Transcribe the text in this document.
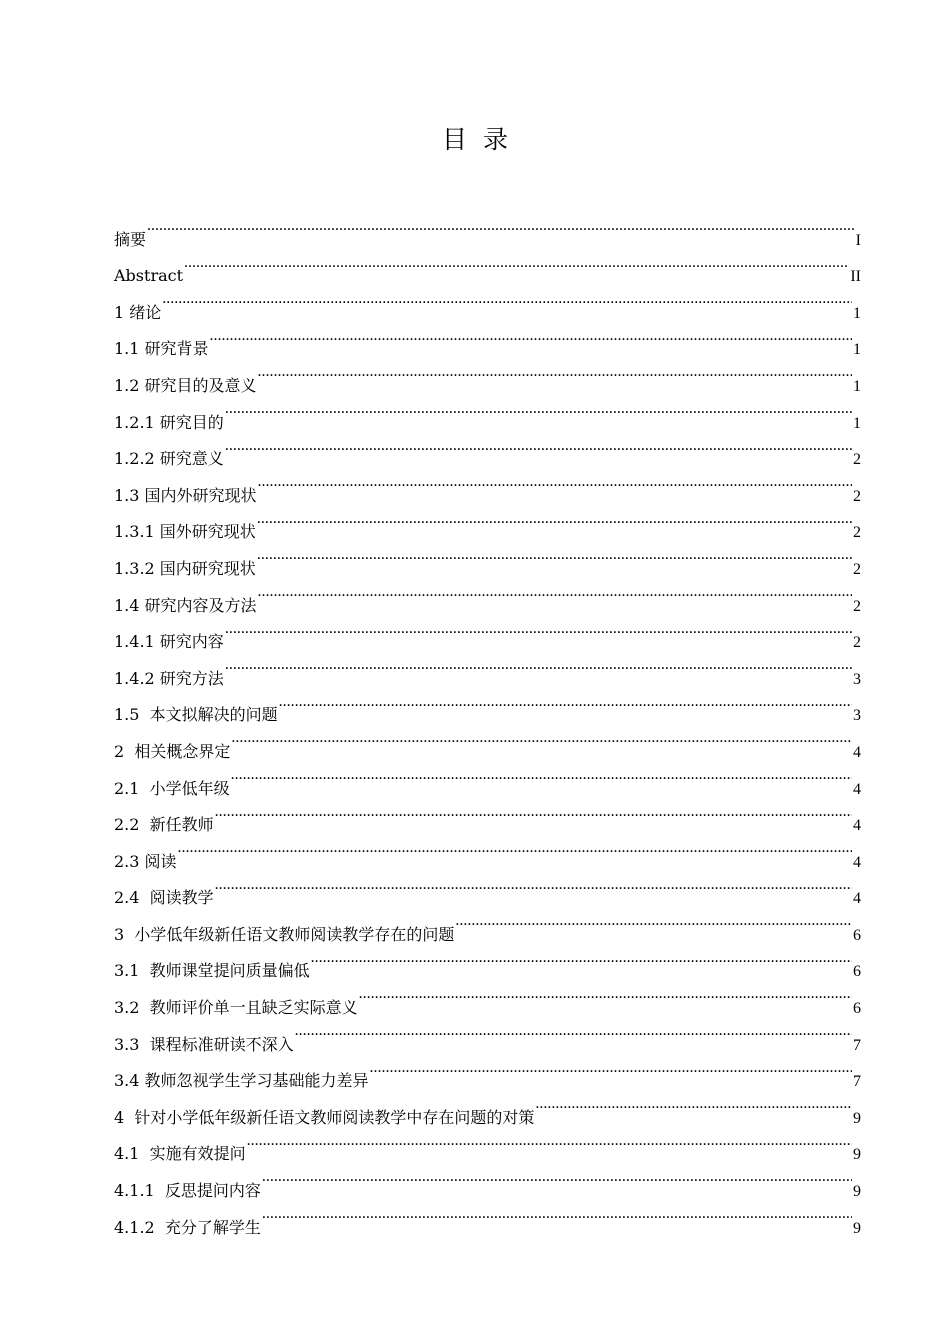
目  录
摘要 .....	I
Abstract .....	II
1 绪论 .....	1
1.1 研究背景 .....	1
1.2 研究目的及意义 .....	1
1.2.1 研究目的 .....	1
1.2.2 研究意义 .....	2
1.3 国内外研究现状 .....	2
1.3.1 国外研究现状 .....	2
1.3.2 国内研究现状 .....	2
1.4 研究内容及方法 .....	2
1.4.1 研究内容 .....	2
1.4.2 研究方法 .....	3
1.5  本文拟解决的问题 .....	3
2  相关概念界定 .....	4
2.1  小学低年级 .....	4
2.2  新任教师 .....	4
2.3 阅读 .....	4
2.4  阅读教学 .....	4
3  小学低年级新任语文教师阅读教学存在的问题 .....	6
3.1  教师课堂提问质量偏低 .....	6
3.2  教师评价单一且缺乏实际意义 .....	6
3.3  课程标准研读不深入 .....	7
3.4 教师忽视学生学习基础能力差异 .....	7
4  针对小学低年级新任语文教师阅读教学中存在问题的对策 .....	9
4.1  实施有效提问 .....	9
4.1.1  反思提问内容 .....	9
4.1.2  充分了解学生 .....	9
